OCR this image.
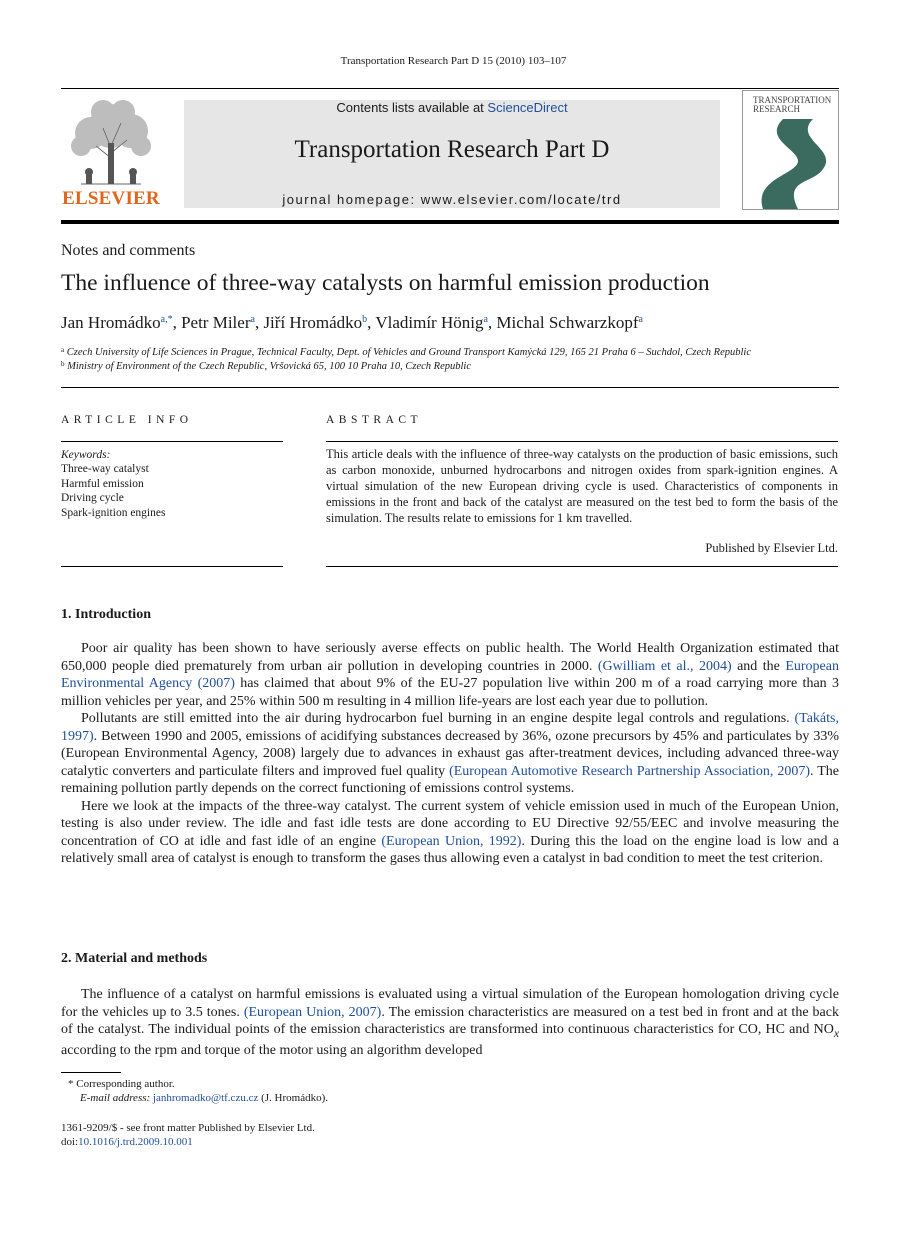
Transportation Research Part D 15 (2010) 103–107
ELSEVIER
Contents lists available at ScienceDirect
Transportation Research Part D
journal homepage: www.elsevier.com/locate/trd
TRANSPORTATION
RESEARCH
Notes and comments
The influence of three-way catalysts on harmful emission production
Jan Hromádko$^{a,*}$, Petr Miler$^a$, Jiří Hromádko$^b$, Vladimír Hönig$^a$, Michal Schwarzkopf$^a$
$^a$ Czech University of Life Sciences in Prague, Technical Faculty, Dept. of Vehicles and Ground Transport Kamýcká 129, 165 21 Praha 6 – Suchdol, Czech Republic
$^b$ Ministry of Environment of the Czech Republic, Vršovická 65, 100 10 Praha 10, Czech Republic
ARTICLE INFO
Keywords:
Three-way catalyst
Harmful emission
Driving cycle
Spark-ignition engines
ABSTRACT
This article deals with the influence of three-way catalysts on the production of basic emissions, such as carbon monoxide, unburned hydrocarbons and nitrogen oxides from spark-ignition engines. A virtual simulation of the new European driving cycle is used. Characteristics of components in emissions in the front and back of the catalyst are measured on the test bed to form the basis of the simulation. The results relate to emissions for 1 km travelled.
Published by Elsevier Ltd.
1. Introduction

Poor air quality has been shown to have seriously averse effects on public health. The World Health Organization estimated that 650,000 people died prematurely from urban air pollution in developing countries in 2000. (Gwilliam et al., 2004) and the European Environmental Agency (2007) has claimed that about 9% of the EU-27 population live within 200 m of a road carrying more than 3 million vehicles per year, and 25% within 500 m resulting in 4 million life-years are lost each year due to pollution.

Pollutants are still emitted into the air during hydrocarbon fuel burning in an engine despite legal controls and regulations. (Takáts, 1997). Between 1990 and 2005, emissions of acidifying substances decreased by 36%, ozone precursors by 45% and particulates by 33% (European Environmental Agency, 2008) largely due to advances in exhaust gas after-treatment devices, including advanced three-way catalytic converters and particulate filters and improved fuel quality (European Automotive Research Partnership Association, 2007). The remaining pollution partly depends on the correct functioning of emissions control systems.

Here we look at the impacts of the three-way catalyst. The current system of vehicle emission used in much of the European Union, testing is also under review. The idle and fast idle tests are done according to EU Directive 92/55/EEC and involve measuring the concentration of CO at idle and fast idle of an engine (European Union, 1992). During this the load on the engine load is low and a relatively small area of catalyst is enough to transform the gases thus allowing even a catalyst in bad condition to meet the test criterion.

2. Material and methods

The influence of a catalyst on harmful emissions is evaluated using a virtual simulation of the European homologation driving cycle for the vehicles up to 3.5 tones. (European Union, 2007). The emission characteristics are measured on a test bed in front and at the back of the catalyst. The individual points of the emission characteristics are transformed into continuous characteristics for CO, HC and $NO_x$ according to the rpm and torque of the motor using an algorithm developed

* Corresponding author.
E-mail address: janhromadko@tf.czu.cz (J. Hromádko).
1361-9209/$ - see front matter Published by Elsevier Ltd.
doi:10.1016/j.trd.2009.10.001
